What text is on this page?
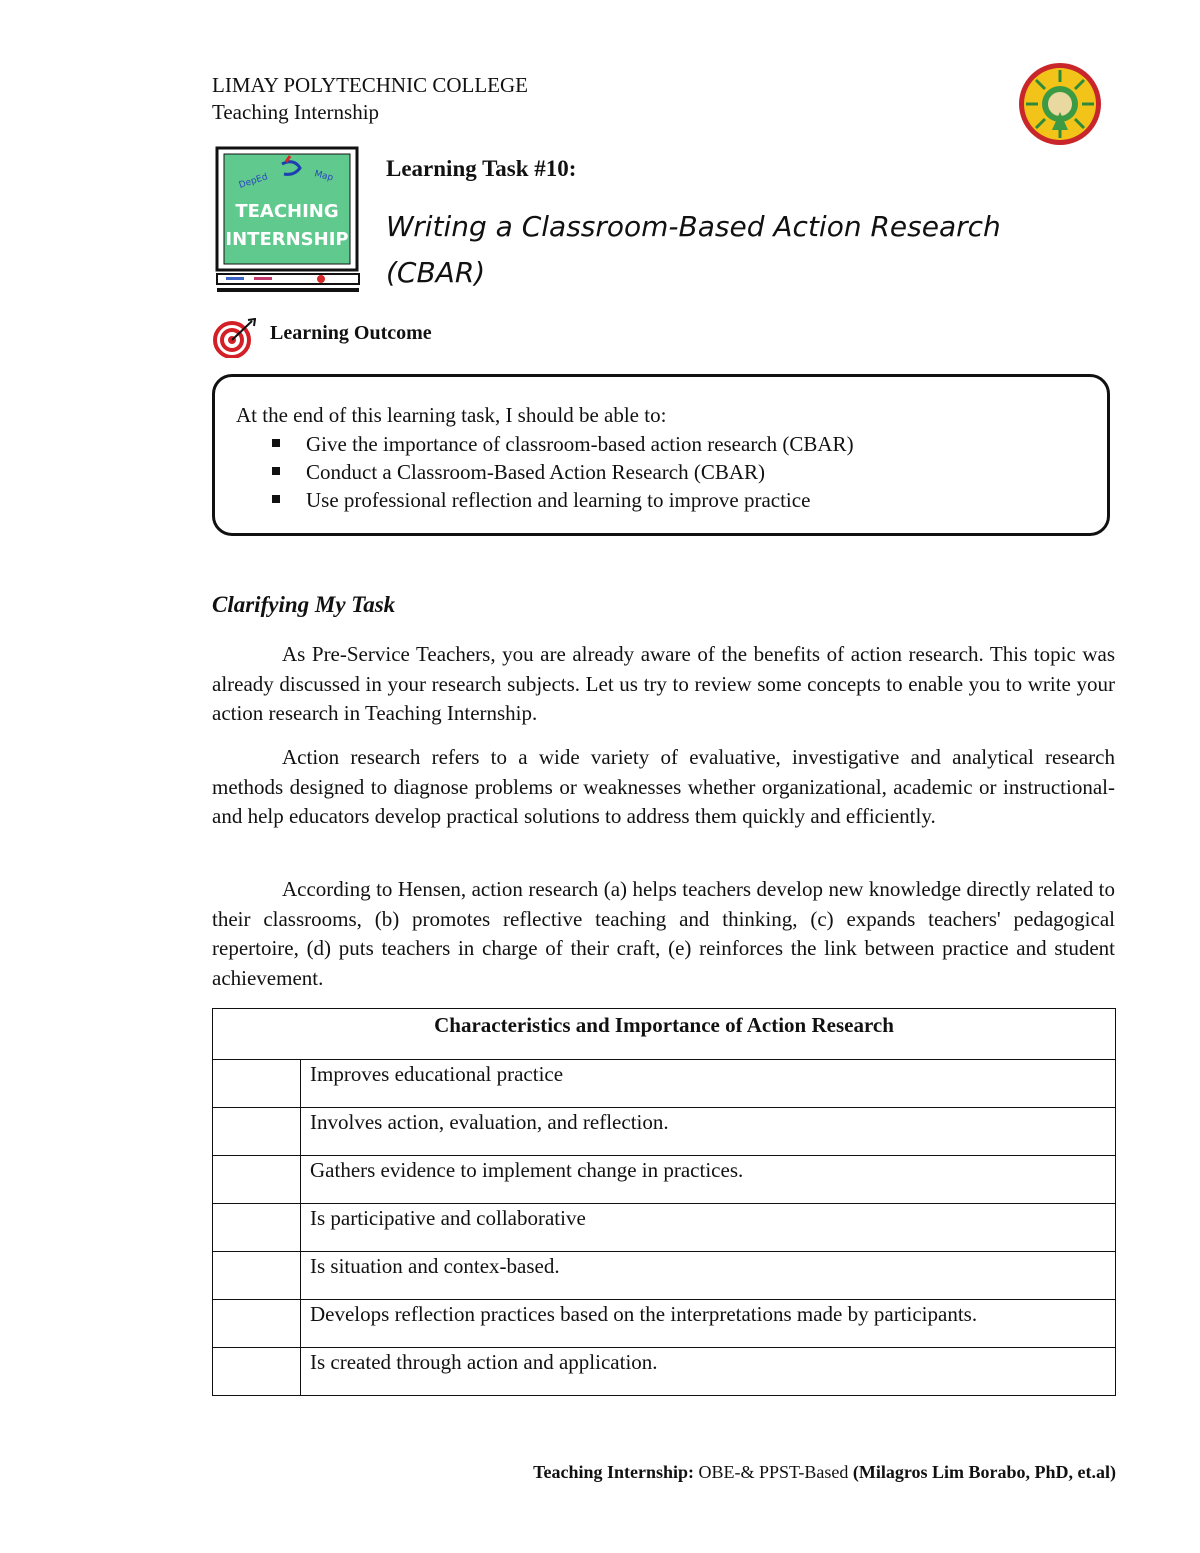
LIMAY POLYTECHNIC COLLEGE
Teaching Internship
DepEd	Map
TEACHING
INTERNSHIP
Learning Task #10:
Writing a Classroom-Based Action Research (CBAR)
Learning Outcome
At the end of this learning task, I should be able to:
Give the importance of classroom-based action research (CBAR)
Conduct a Classroom-Based Action Research (CBAR)
Use professional reflection and learning to improve practice
Clarifying My Task

As Pre-Service Teachers, you are already aware of the benefits of action research. This topic was already discussed in your research subjects. Let us try to review some concepts to enable you to write your action research in Teaching Internship.

Action research refers to a wide variety of evaluative, investigative and analytical research methods designed to diagnose problems or weaknesses whether organizational, academic or instructional-and help educators develop practical solutions to address them quickly and efficiently.

According to Hensen, action research (a) helps teachers develop new knowledge directly related to their classrooms, (b) promotes reflective teaching and thinking, (c) expands teachers' pedagogical repertoire, (d) puts teachers in charge of their craft, (e) reinforces the link between practice and student achievement.

Characteristics and Importance of Action Research	
	Improves educational practice
	Involves action, evaluation, and reflection.
	Gathers evidence to implement change in practices.
	Is participative and collaborative
	Is situation and contex-based.
	Develops reflection practices based on the interpretations made by participants.
	Is created through action and application.
Teaching Internship: OBE-& PPST-Based (Milagros Lim Borabo, PhD, et.al)
